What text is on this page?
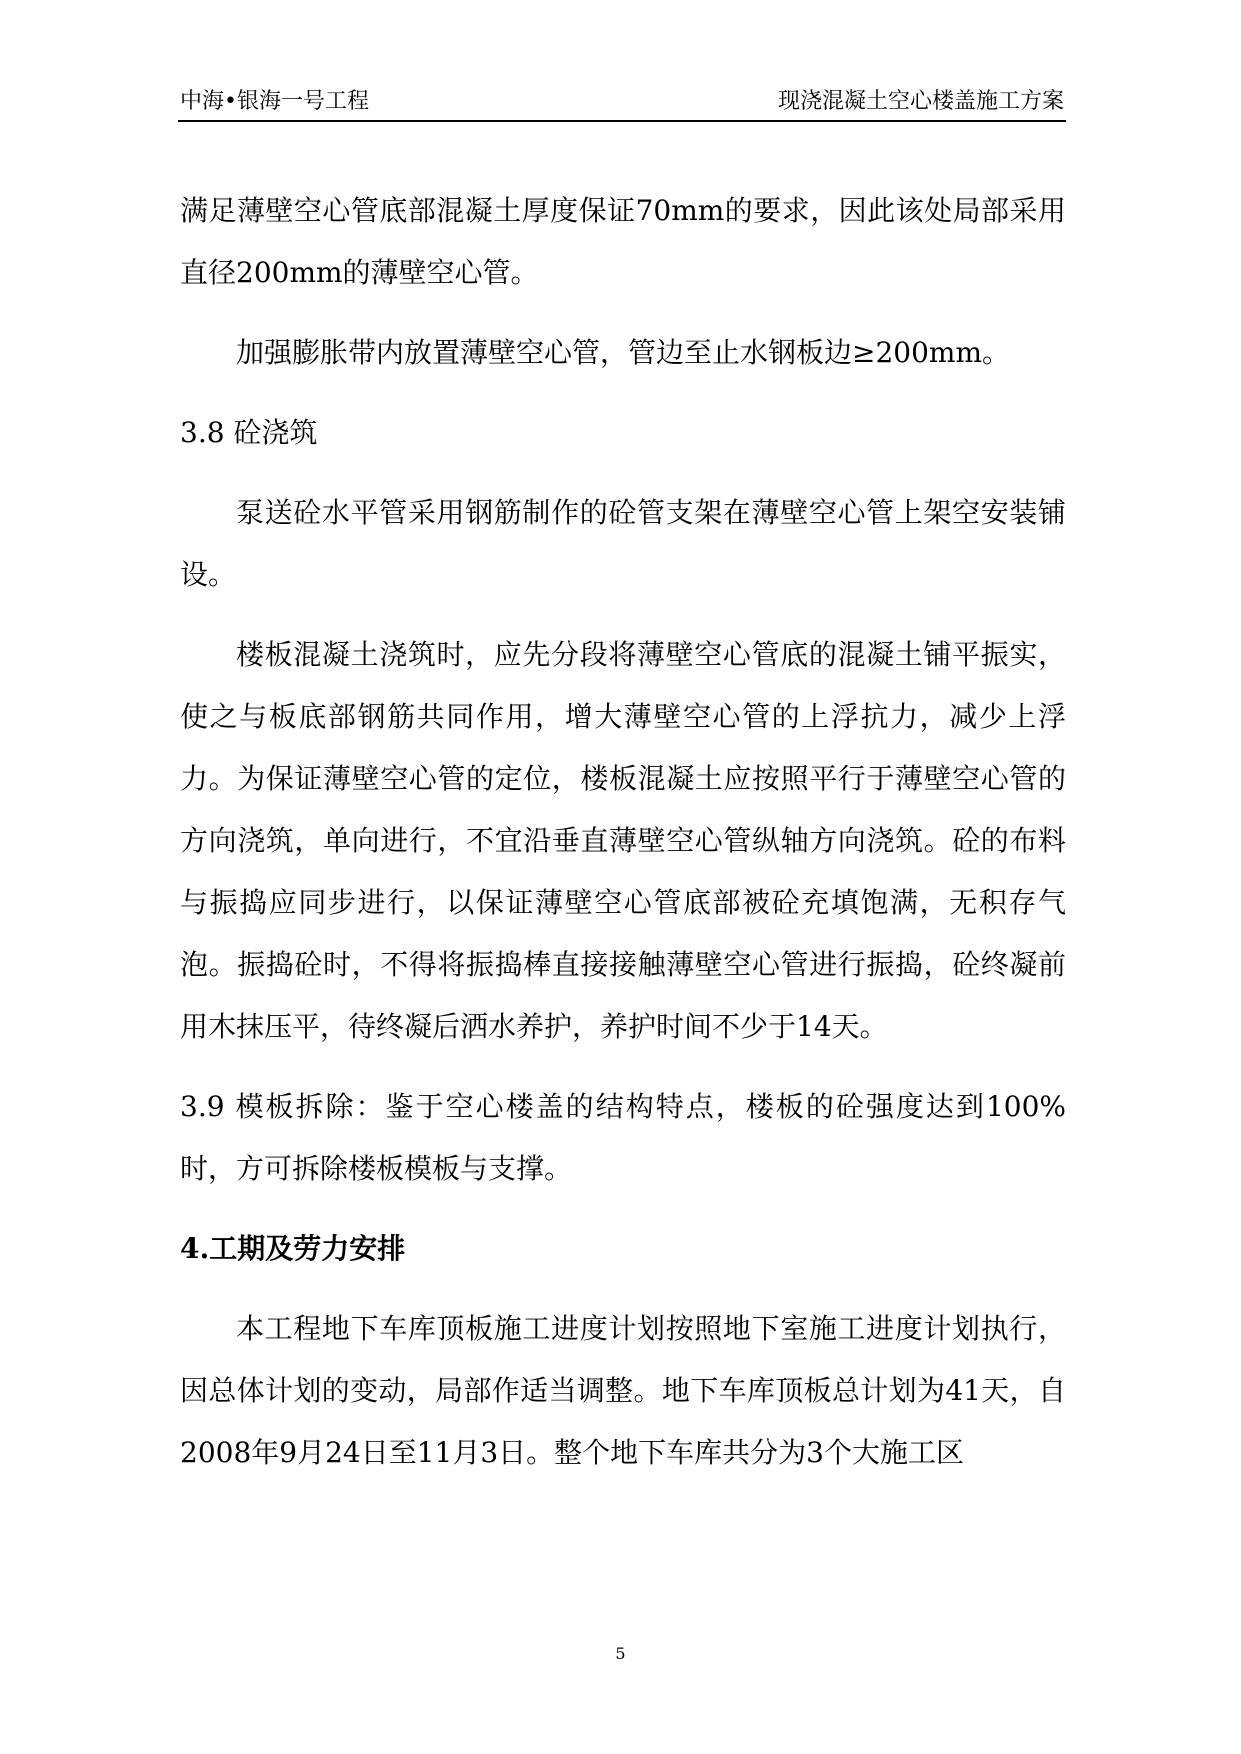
中海•银海一号工程	现浇混凝土空心楼盖施工方案

满足薄壁空心管底部混凝土厚度保证70mm的要求，因此该处局部采用直径200mm的薄壁空心管。

加强膨胀带内放置薄壁空心管，管边至止水钢板边≥200mm。

3.8 砼浇筑

泵送砼水平管采用钢筋制作的砼管支架在薄壁空心管上架空安装铺设。

楼板混凝土浇筑时，应先分段将薄壁空心管底的混凝土铺平振实，使之与板底部钢筋共同作用，增大薄壁空心管的上浮抗力，减少上浮力。为保证薄壁空心管的定位，楼板混凝土应按照平行于薄壁空心管的方向浇筑，单向进行，不宜沿垂直薄壁空心管纵轴方向浇筑。砼的布料与振捣应同步进行，以保证薄壁空心管底部被砼充填饱满，无积存气泡。振捣砼时，不得将振捣棒直接接触薄壁空心管进行振捣，砼终凝前用木抹压平，待终凝后洒水养护，养护时间不少于14天。

3.9 模板拆除：鉴于空心楼盖的结构特点，楼板的砼强度达到100%时，方可拆除楼板模板与支撑。

4.工期及劳力安排

本工程地下车库顶板施工进度计划按照地下室施工进度计划执行，因总体计划的变动，局部作适当调整。地下车库顶板总计划为41天，自2008年9月24日至11月3日。整个地下车库共分为3个大施工区

5
